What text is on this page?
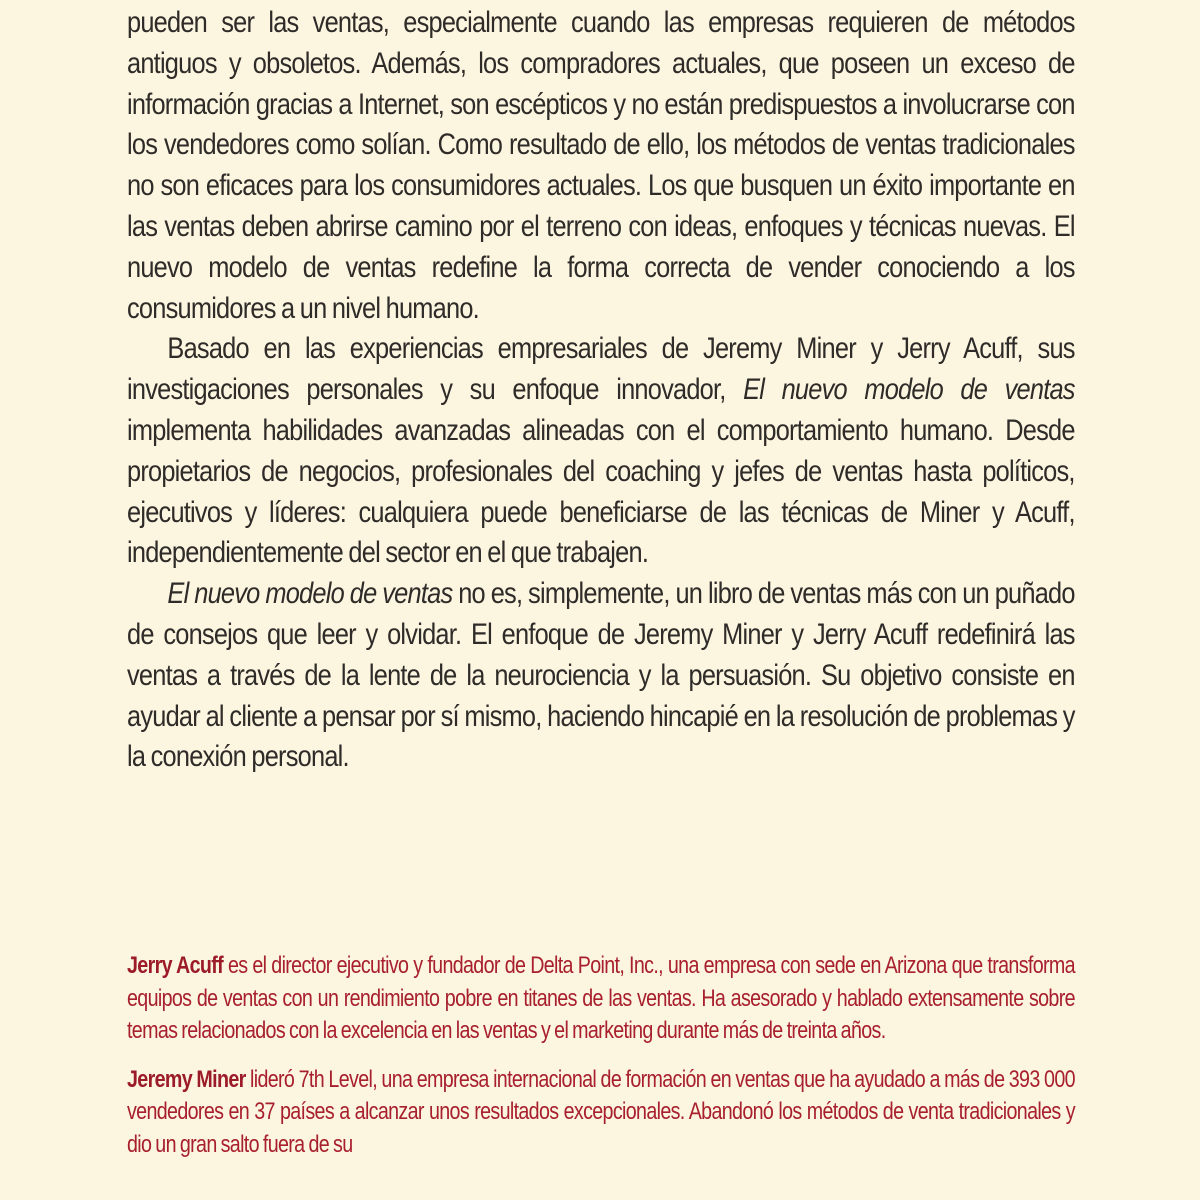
pueden ser las ventas, especialmente cuando las empresas requieren de métodos antiguos y obsoletos. Además, los compradores actuales, que poseen un exceso de información gracias a Internet, son escépticos y no están predispuestos a involucrarse con los vendedores como solían. Como resultado de ello, los métodos de ventas tradicionales no son eficaces para los consumidores actuales. Los que busquen un éxito importante en las ventas deben abrirse camino por el terreno con ideas, enfoques y técnicas nuevas. El nuevo modelo de ventas redefine la forma correcta de vender conociendo a los consumidores a un nivel humano.

Basado en las experiencias empresariales de Jeremy Miner y Jerry Acuff, sus investigaciones personales y su enfoque innovador, El nuevo modelo de ventas implementa habilidades avanzadas alineadas con el comportamiento humano. Desde propietarios de negocios, profesionales del coaching y jefes de ventas hasta políticos, ejecutivos y líderes: cualquiera puede beneficiarse de las técnicas de Miner y Acuff, independientemente del sector en el que trabajen.

El nuevo modelo de ventas no es, simplemente, un libro de ventas más con un puñado de consejos que leer y olvidar. El enfoque de Jeremy Miner y Jerry Acuff redefinirá las ventas a través de la lente de la neurociencia y la persuasión. Su objetivo consiste en ayudar al cliente a pensar por sí mismo, haciendo hincapié en la resolución de problemas y la conexión personal.

Jerry Acuff es el director ejecutivo y fundador de Delta Point, Inc., una empresa con sede en Arizona que transforma equipos de ventas con un rendimiento pobre en titanes de las ventas. Ha asesorado y hablado extensamente sobre temas relacionados con la excelencia en las ventas y el marketing durante más de treinta años.

Jeremy Miner lideró 7th Level, una empresa internacional de formación en ventas que ha ayudado a más de 393 000 vendedores en 37 países a alcanzar unos resultados excepcionales. Abandonó los métodos de venta tradicionales y dio un gran salto fuera de su
